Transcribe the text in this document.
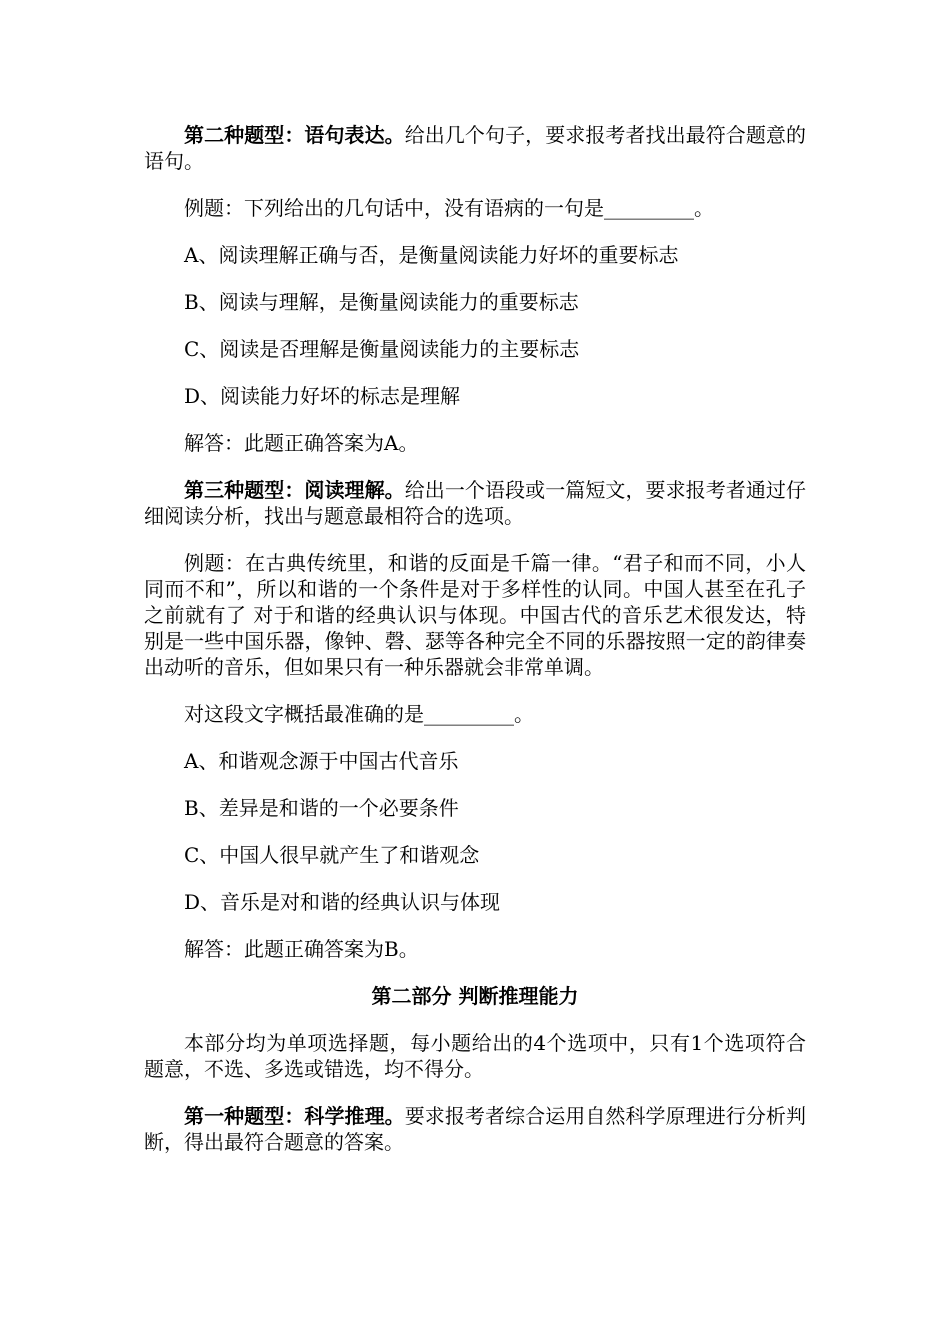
第二种题型：语句表达。给出几个句子，要求报考者找出最符合题意的语句。

例题：下列给出的几句话中，没有语病的一句是_________。

A、阅读理解正确与否，是衡量阅读能力好坏的重要标志

B、阅读与理解，是衡量阅读能力的重要标志

C、阅读是否理解是衡量阅读能力的主要标志

D、阅读能力好坏的标志是理解

解答：此题正确答案为A。

第三种题型：阅读理解。给出一个语段或一篇短文，要求报考者通过仔细阅读分析，找出与题意最相符合的选项。

例题：在古典传统里，和谐的反面是千篇一律。“君子和而不同，小人同而不和”，所以和谐的一个条件是对于多样性的认同。中国人甚至在孔子之前就有了 对于和谐的经典认识与体现。中国古代的音乐艺术很发达，特别是一些中国乐器，像钟、磬、瑟等各种完全不同的乐器按照一定的韵律奏出动听的音乐，但如果只有一种乐器就会非常单调。

对这段文字概括最准确的是_________。

A、和谐观念源于中国古代音乐

B、差异是和谐的一个必要条件

C、中国人很早就产生了和谐观念

D、音乐是对和谐的经典认识与体现

解答：此题正确答案为B。

第二部分 判断推理能力

本部分均为单项选择题，每小题给出的4个选项中，只有1个选项符合题意，不选、多选或错选，均不得分。

第一种题型：科学推理。要求报考者综合运用自然科学原理进行分析判断，得出最符合题意的答案。
